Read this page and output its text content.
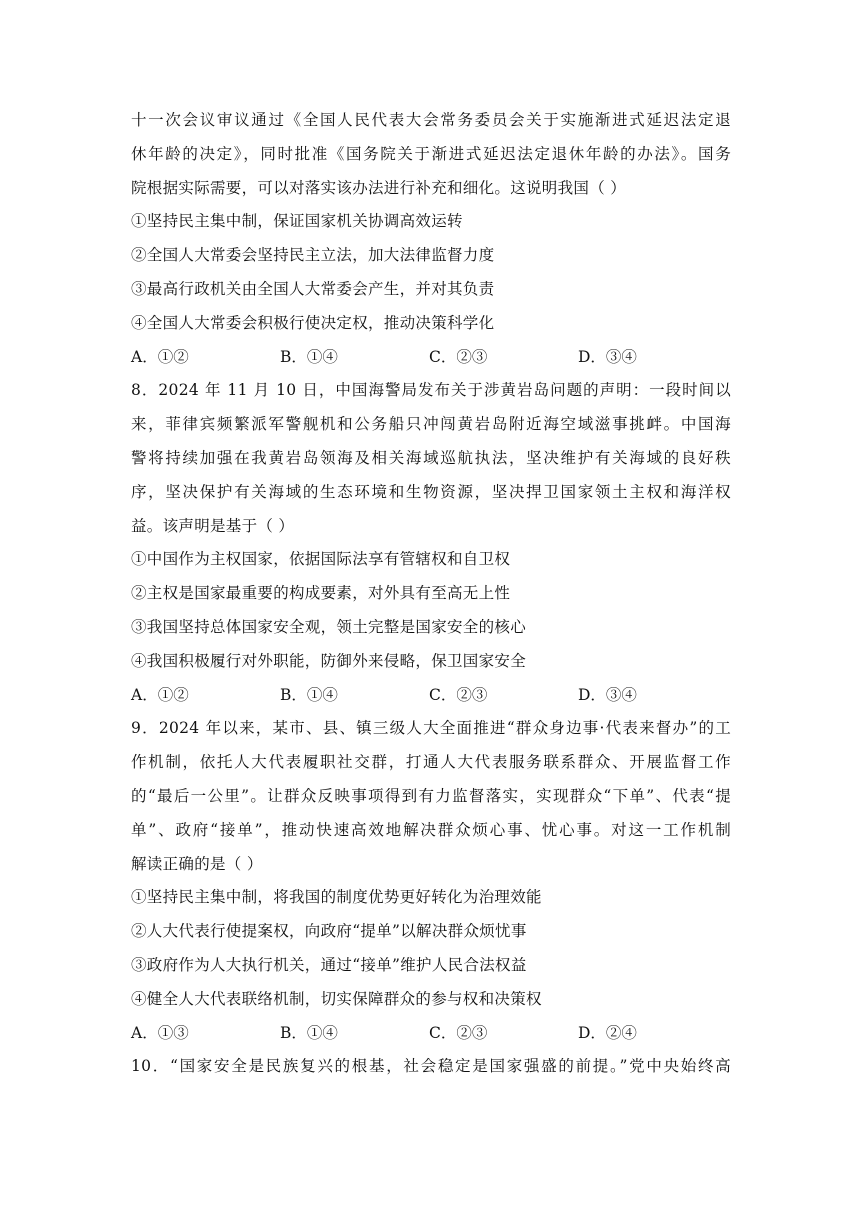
十一次会议审议通过《全国人民代表大会常务委员会关于实施渐进式延迟法定退
休年龄的决定》，同时批准《国务院关于渐进式延迟法定退休年龄的办法》。国务
院根据实际需要，可以对落实该办法进行补充和细化。这说明我国（ ）
①坚持民主集中制，保证国家机关协调高效运转
②全国人大常委会坚持民主立法，加大法律监督力度
③最高行政机关由全国人大常委会产生，并对其负责
④全国人大常委会积极行使决定权，推动决策科学化
A．①②	B．①④	C．②③	D．③④
8．2024 年 11 月 10 日，中国海警局发布关于涉黄岩岛问题的声明：一段时间以
来，菲律宾频繁派军警舰机和公务船只冲闯黄岩岛附近海空域滋事挑衅。中国海
警将持续加强在我黄岩岛领海及相关海域巡航执法，坚决维护有关海域的良好秩
序，坚决保护有关海域的生态环境和生物资源，坚决捍卫国家领土主权和海洋权
益。该声明是基于（ ）
①中国作为主权国家，依据国际法享有管辖权和自卫权
②主权是国家最重要的构成要素，对外具有至高无上性
③我国坚持总体国家安全观，领土完整是国家安全的核心
④我国积极履行对外职能，防御外来侵略，保卫国家安全
A．①②	B．①④	C．②③	D．③④
9．2024 年以来，某市、县、镇三级人大全面推进“群众身边事·代表来督办”的工
作机制，依托人大代表履职社交群，打通人大代表服务联系群众、开展监督工作
的“最后一公里”。让群众反映事项得到有力监督落实，实现群众“下单”、代表“提
单”、政府“接单”，推动快速高效地解决群众烦心事、忧心事。对这一工作机制
解读正确的是（ ）
①坚持民主集中制，将我国的制度优势更好转化为治理效能
②人大代表行使提案权，向政府“提单”以解决群众烦忧事
③政府作为人大执行机关，通过“接单”维护人民合法权益
④健全人大代表联络机制，切实保障群众的参与权和决策权
A．①③	B．①④	C．②③	D．②④
10．“国家安全是民族复兴的根基，社会稳定是国家强盛的前提。”党中央始终高
